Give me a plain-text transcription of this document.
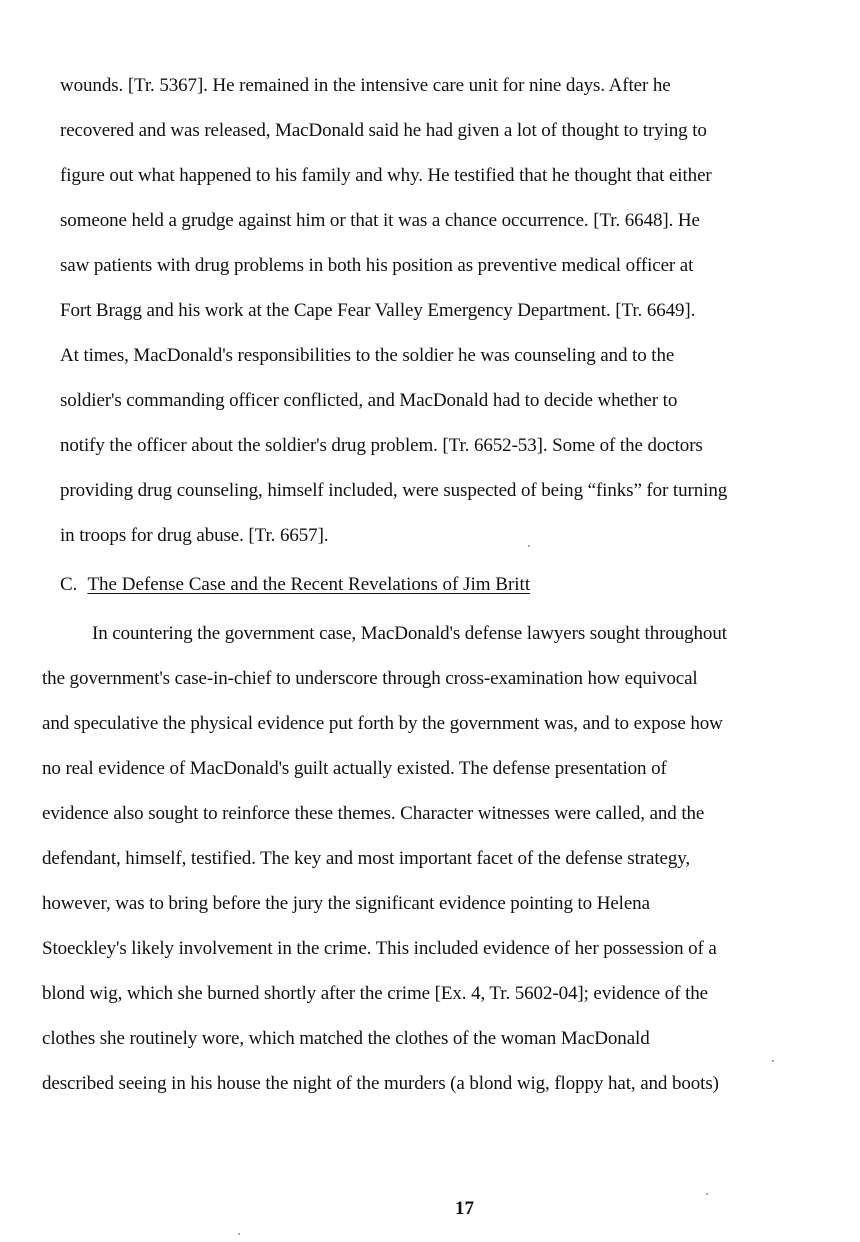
wounds. [Tr. 5367]. He remained in the intensive care unit for nine days. After he
recovered and was released, MacDonald said he had given a lot of thought to trying to
figure out what happened to his family and why. He testified that he thought that either
someone held a grudge against him or that it was a chance occurrence. [Tr. 6648]. He
saw patients with drug problems in both his position as preventive medical officer at
Fort Bragg and his work at the Cape Fear Valley Emergency Department. [Tr. 6649].
At times, MacDonald's responsibilities to the soldier he was counseling and to the
soldier's commanding officer conflicted, and MacDonald had to decide whether to
notify the officer about the soldier's drug problem. [Tr. 6652-53]. Some of the doctors
providing drug counseling, himself included, were suspected of being “finks” for turning
in troops for drug abuse. [Tr. 6657].
C. The Defense Case and the Recent Revelations of Jim Britt
In countering the government case, MacDonald's defense lawyers sought throughout
the government's case-in-chief to underscore through cross-examination how equivocal
and speculative the physical evidence put forth by the government was, and to expose how
no real evidence of MacDonald's guilt actually existed. The defense presentation of
evidence also sought to reinforce these themes. Character witnesses were called, and the
defendant, himself, testified. The key and most important facet of the defense strategy,
however, was to bring before the jury the significant evidence pointing to Helena
Stoeckley's likely involvement in the crime. This included evidence of her possession of a
blond wig, which she burned shortly after the crime [Ex. 4, Tr. 5602-04]; evidence of the
clothes she routinely wore, which matched the clothes of the woman MacDonald
described seeing in his house the night of the murders (a blond wig, floppy hat, and boots)
17
